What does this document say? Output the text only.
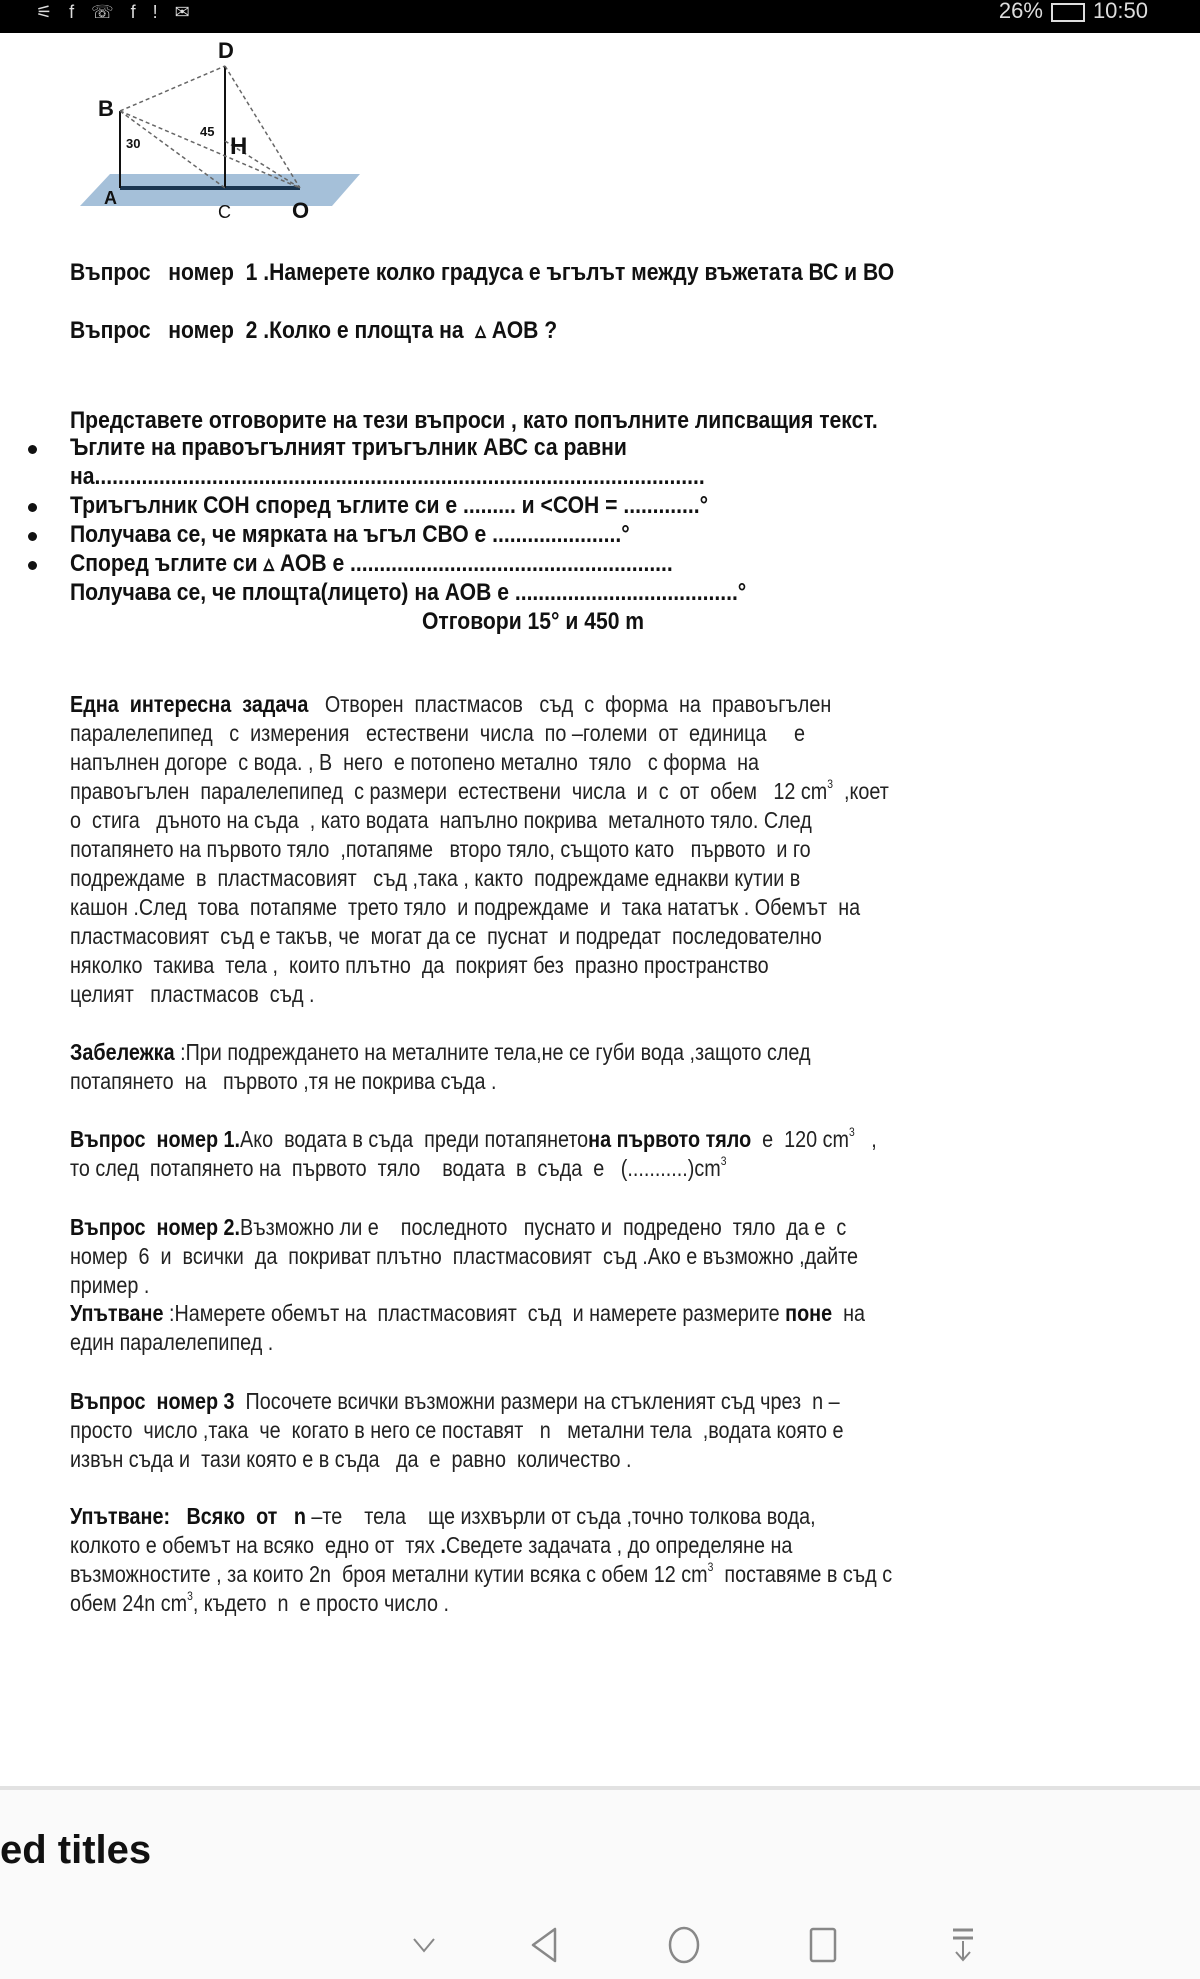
⚟ f ☏ f ! ✉	26% 10:50
D
B
H
A
C	O
30
45
Въпрос   номер  1 .Намерете колко градуса е ъгълът между въжетата ВС и ВО
Въпрос   номер  2 .Колко е площта на  ▵ АОВ ?
Представете отговорите на тези въпроси , като попълните липсващия текст.
Ъглите на правоъгълният триъгълник АВС са равни
на........................................................................................................
Триъгълник СОН според ъглите си е ......... и <СОН = .............°
Получава се, че мярката на ъгъл СВО е ......................°
Според ъглите си ▵ АОВ е .......................................................
Получава се, че площта(лицето) на АОВ е ......................................°
Отговори 15° и 450 m
Една  интересна  задача   Отворен  пластмасов   съд  с  форма  на  правоъгълен
паралелепипед   с  измерения   естествени  числа  по –големи  от  единица     е
напълнен догоре  с вода. , В  него  е потопено метално  тяло   с форма  на
правоъгълен  паралелепипед  с размери  естествени  числа  и  с  от  обем   12 $cm^3$  ,коет
о  стига   дъното на съда  , като водата  напълно покрива  металното тяло. След
потапянето на първото тяло  ,потапяме   второ тяло, същото като   първото  и го
подреждаме  в  пластмасовият   съд ,така , както  подреждаме еднакви кутии в
кашон .След  това  потапяме  трето тяло  и подреждаме  и  така нататък . Обемът  на
пластмасовият  съд е такъв, че  могат да се  пуснат  и подредат  последователно
няколко  такива  тела ,  които плътно  да  покрият без  празно пространство
целият   пластмасов  съд .
Забележка :При подреждането на металните тела,не се губи вода ,защото след
потапянето  на   първото ,тя не покрива съда .
Въпрос  номер 1.Ако  водата в съда  преди потапянетона първото тяло  е  120 $cm^3$   ,
то след  потапянето на  първото  тяло    водата  в  съда  е   $(...........)cm^3$
Въпрос  номер 2.Възможно ли е    последното   пуснато и  подредено  тяло  да е  с
номер  6  и  всички  да  покриват плътно  пластмасовият  съд .Ако е възможно ,дайте
пример .
Упътване :Намерете обемът на  пластмасовият  съд  и намерете размерите поне  на
един паралелепипед .
Въпрос  номер 3  Посочете всички възможни размери на стъкленият съд чрез  n –
просто  число ,така  че  когато в него се поставят   n   метални тела  ,водата която е
извън съда и  тази която е в съда   да  е  равно  количество .
Упътване:   Всяко  от   n –те    тела    ще изхвърли от съда ,точно толкова вода,
колкото е обемът на всяко  едно от  тях .Сведете задачата , до определяне на
възможностите , за които 2n  броя метални кутии всяка с обем 12 $cm^3$  поставяме в съд с
обем 24n $cm^3$, където  n  е просто число .
ed titles
